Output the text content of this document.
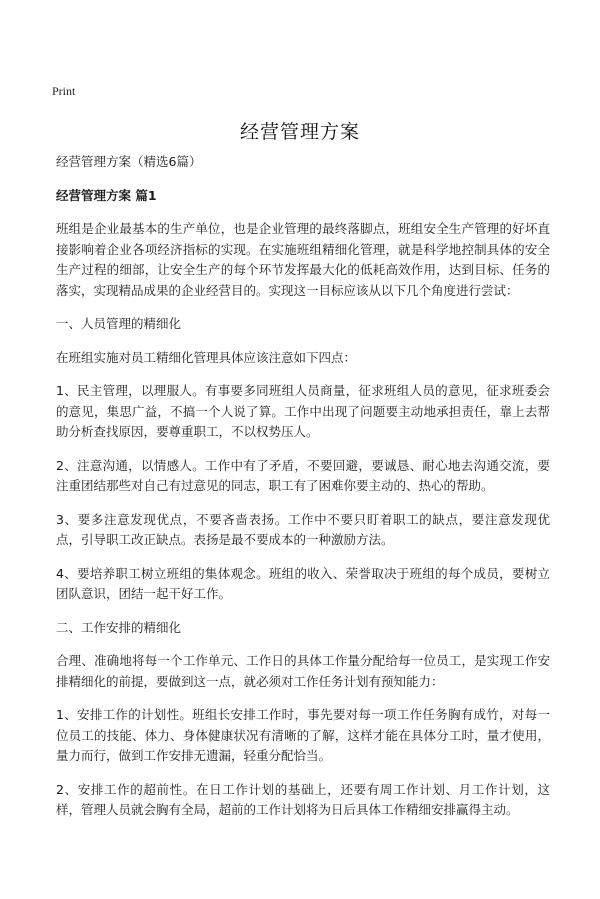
Print
经营管理方案

经营管理方案（精选6篇）

经营管理方案 篇1

班组是企业最基本的生产单位，也是企业管理的最终落脚点，班组安全生产管理的好坏直接影响着企业各项经济指标的实现。在实施班组精细化管理，就是科学地控制具体的安全生产过程的细部，让安全生产的每个环节发挥最大化的低耗高效作用，达到目标、任务的落实，实现精品成果的企业经营目的。实现这一目标应该从以下几个角度进行尝试：

一、人员管理的精细化

在班组实施对员工精细化管理具体应该注意如下四点：

1、民主管理，以理服人。有事要多同班组人员商量，征求班组人员的意见，征求班委会的意见，集思广益，不搞一个人说了算。工作中出现了问题要主动地承担责任，靠上去帮助分析查找原因，要尊重职工，不以权势压人。

2、注意沟通，以情感人。工作中有了矛盾，不要回避，要诚恳、耐心地去沟通交流，要注重团结那些对自己有过意见的同志，职工有了困难你要主动的、热心的帮助。

3、要多注意发现优点，不要吝啬表扬。工作中不要只盯着职工的缺点，要注意发现优点，引导职工改正缺点。表扬是最不要成本的一种激励方法。

4、要培养职工树立班组的集体观念。班组的收入、荣誉取决于班组的每个成员，要树立团队意识，团结一起干好工作。

二、工作安排的精细化

合理、准确地将每一个工作单元、工作日的具体工作量分配给每一位员工，是实现工作安排精细化的前提，要做到这一点，就必须对工作任务计划有预知能力：

1、安排工作的计划性。班组长安排工作时，事先要对每一项工作任务胸有成竹，对每一位员工的技能、体力、身体健康状况有清晰的了解，这样才能在具体分工时，量才使用，量力而行，做到工作安排无遗漏，轻重分配恰当。

2、安排工作的超前性。在日工作计划的基础上，还要有周工作计划、月工作计划，这样，管理人员就会胸有全局，超前的工作计划将为日后具体工作精细安排赢得主动。
